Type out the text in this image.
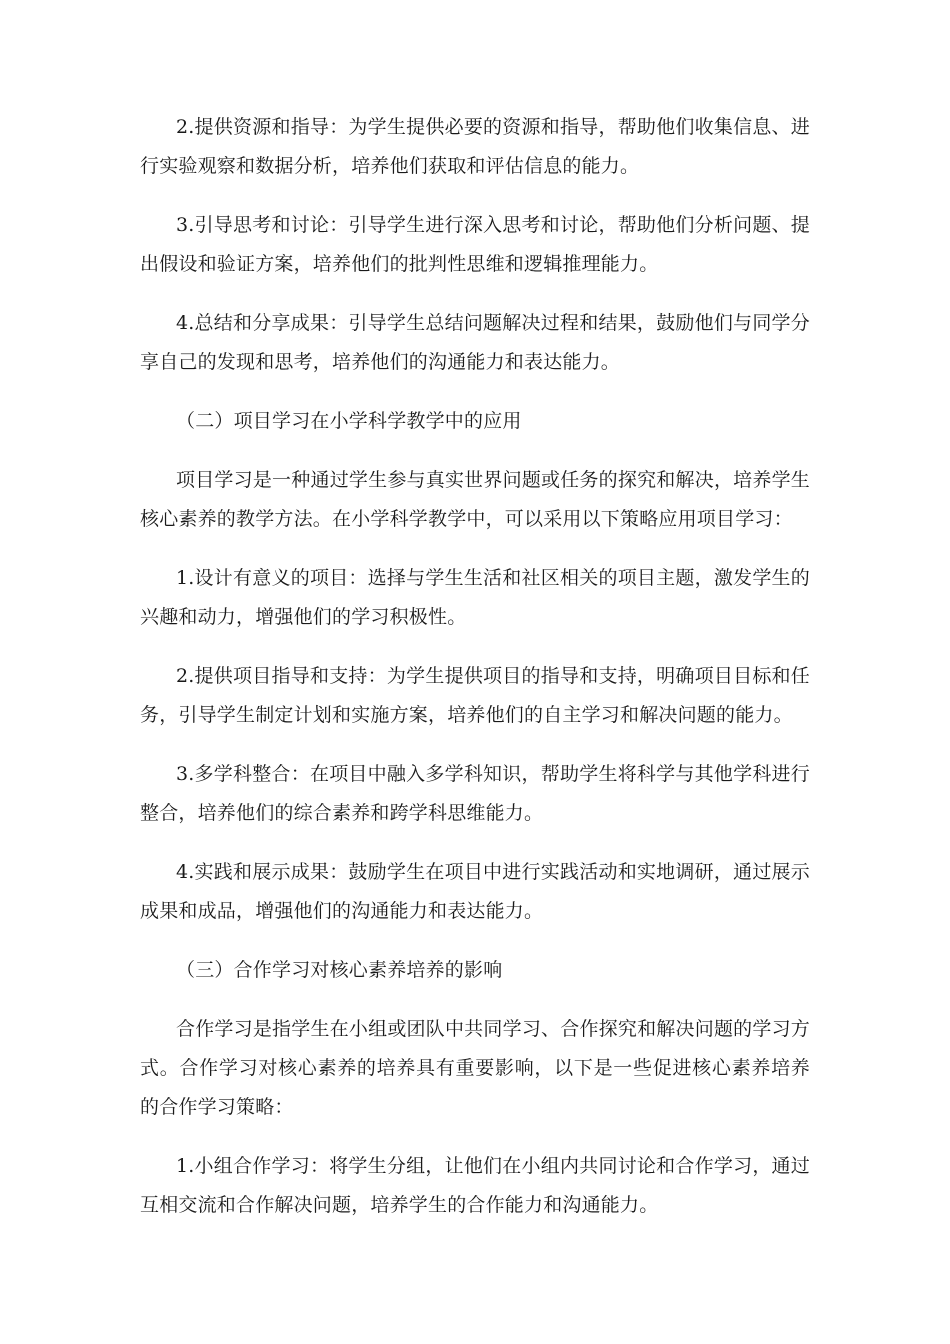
2.提供资源和指导：为学生提供必要的资源和指导，帮助他们收集信息、进行实验观察和数据分析，培养他们获取和评估信息的能力。

3.引导思考和讨论：引导学生进行深入思考和讨论，帮助他们分析问题、提出假设和验证方案，培养他们的批判性思维和逻辑推理能力。

4.总结和分享成果：引导学生总结问题解决过程和结果，鼓励他们与同学分享自己的发现和思考，培养他们的沟通能力和表达能力。

（二）项目学习在小学科学教学中的应用

项目学习是一种通过学生参与真实世界问题或任务的探究和解决，培养学生核心素养的教学方法。在小学科学教学中，可以采用以下策略应用项目学习：

1.设计有意义的项目：选择与学生生活和社区相关的项目主题，激发学生的兴趣和动力，增强他们的学习积极性。

2.提供项目指导和支持：为学生提供项目的指导和支持，明确项目目标和任务，引导学生制定计划和实施方案，培养他们的自主学习和解决问题的能力。

3.多学科整合：在项目中融入多学科知识，帮助学生将科学与其他学科进行整合，培养他们的综合素养和跨学科思维能力。

4.实践和展示成果：鼓励学生在项目中进行实践活动和实地调研，通过展示成果和成品，增强他们的沟通能力和表达能力。

（三）合作学习对核心素养培养的影响

合作学习是指学生在小组或团队中共同学习、合作探究和解决问题的学习方式。合作学习对核心素养的培养具有重要影响，以下是一些促进核心素养培养的合作学习策略：

1.小组合作学习：将学生分组，让他们在小组内共同讨论和合作学习，通过互相交流和合作解决问题，培养学生的合作能力和沟通能力。
